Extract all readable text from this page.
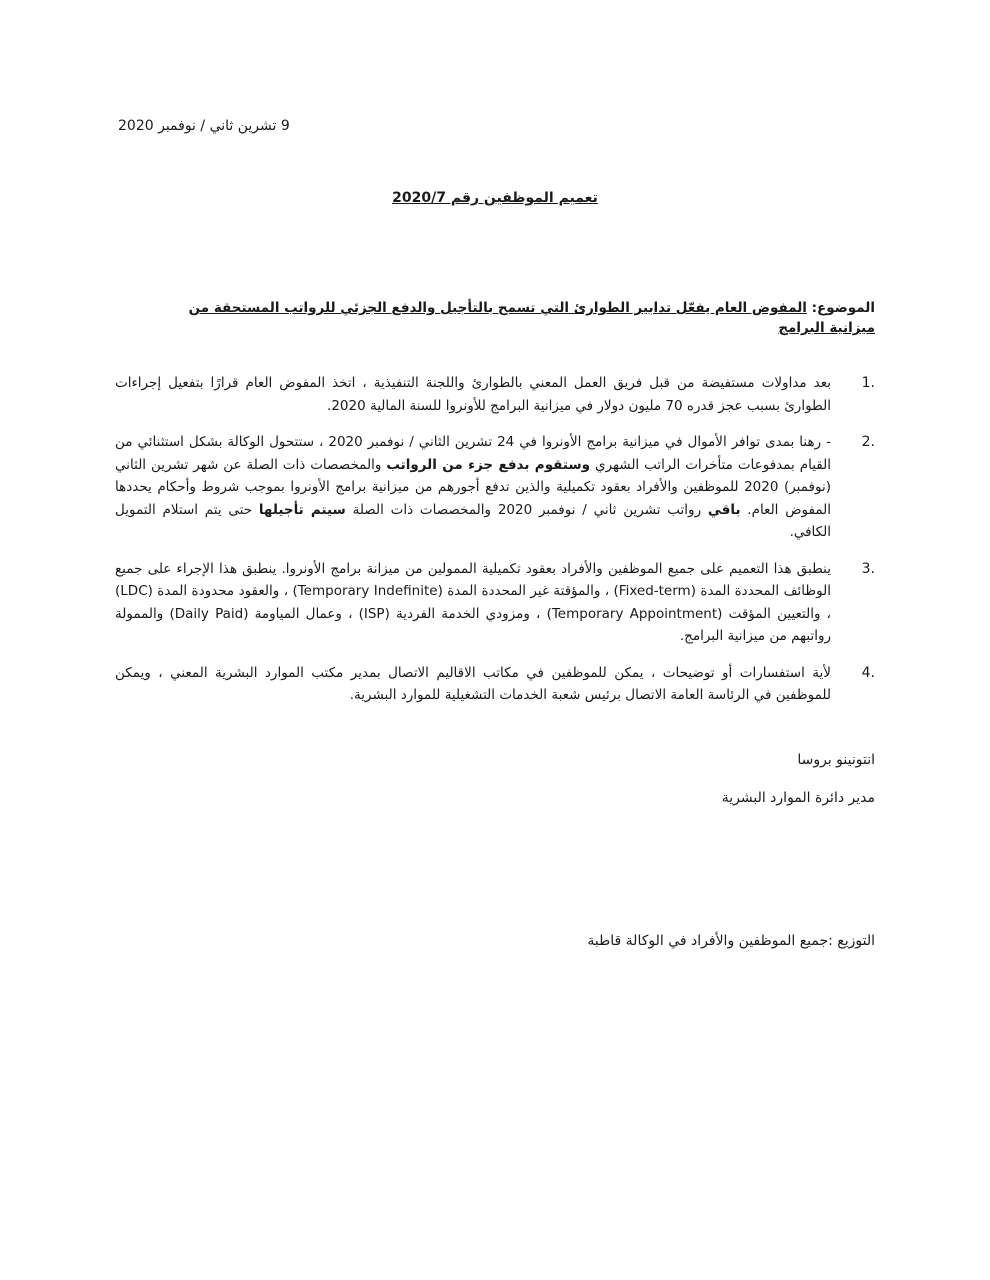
9 تشرين ثاني / نوفمبر 2020
تعميم الموظفين رقم 2020/7
الموضوع: المفوض العام يفعّل تدابير الطوارئ التي تسمح بالتأجيل والدفع الجزئي للرواتب المستحقة من ميزانية البرامج
1.
بعد مداولات مستفيضة من قبل فريق العمل المعني بالطوارئ واللجنة التنفيذية ، اتخذ المفوض العام قرارًا بتفعيل إجراءات الطوارئ بسبب عجز قدره 70 مليون دولار في ميزانية البرامج للأونروا للسنة المالية 2020.
2.
- رهنا بمدى توافر الأموال في ميزانية برامج الأونروا في 24 تشرين الثاني / نوفمبر 2020 ، ستتحول الوكالة بشكل استثنائي من القيام بمدفوعات متأخرات الراتب الشهري وستقوم بدفع جزء من الرواتب والمخصصات ذات الصلة عن شهر تشرين الثاني (نوفمبر) 2020 للموظفين والأفراد بعقود تكميلية والذين تدفع أجورهم من ميزانية برامج الأونروا بموجب شروط وأحكام يحددها المفوض العام. باقي رواتب تشرين ثاني / نوفمبر 2020 والمخصصات ذات الصلة سيتم تأجيلها حتى يتم استلام التمويل الكافي.
3.
ينطبق هذا التعميم على جميع الموظفين والأفراد بعقود تكميلية الممولين من ميزانة برامج الأونروا. ينطبق هذا الإجراء على جميع الوظائف المحددة المدة (Fixed-term) ، والمؤقتة غير المحددة المدة (Temporary Indefinite) ، والعقود محدودة المدة (LDC) ، والتعيين المؤقت (Temporary Appointment) ، ومزودي الخدمة الفردية (ISP) ، وعمال المياومة (Daily Paid) والممولة رواتبهم من ميزانية البرامج.
4.
لأية استفسارات أو توضيحات ، يمكن للموظفين في مكاتب الاقاليم الاتصال بمدير مكتب الموارد البشرية المعني ، ويمكن للموظفين في الرئاسة العامة الاتصال برئيس شعبة الخدمات التشغيلية للموارد البشرية.
انتونينو بروسا
مدير دائرة الموارد البشرية
التوزيع :جميع الموظفين والأفراد في الوكالة قاطبة
